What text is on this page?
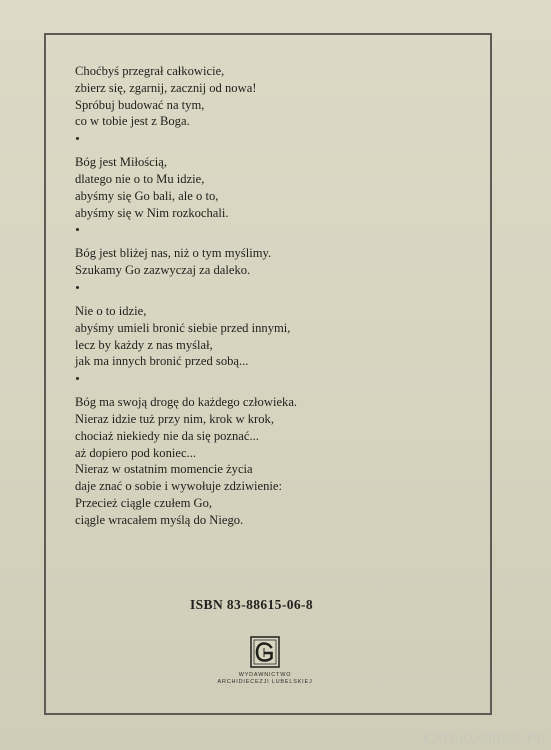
Choćbyś przegrał całkowicie,
zbierz się, zgarnij, zacznij od nowa!
Spróbuj budować na tym,
co w tobie jest z Boga.
Bóg jest Miłością,
dlatego nie o to Mu idzie,
abyśmy się Go bali, ale o to,
abyśmy się w Nim rozkochali.
Bóg jest bliżej nas, niż o tym myślimy.
Szukamy Go zazwyczaj za daleko.
Nie o to idzie,
abyśmy umieli bronić siebie przed innymi,
lecz by każdy z nas myślał,
jak ma innych bronić przed sobą...
Bóg ma swoją drogę do każdego człowieka.
Nieraz idzie tuż przy nim, krok w krok,
chociaż niekiedy nie da się poznać...
aż dopiero pod koniec...
Nieraz w ostatnim momencie życia
daje znać o sobie i wywołuje zdziwienie:
Przecież ciągle czułem Go,
ciągle wracałem myślą do Niego.
ISBN 83-88615-06-8
WYDAWNICTWO
ARCHIDIECEZJI LUBELSKIEJ
KATAKUMBUS.PL
